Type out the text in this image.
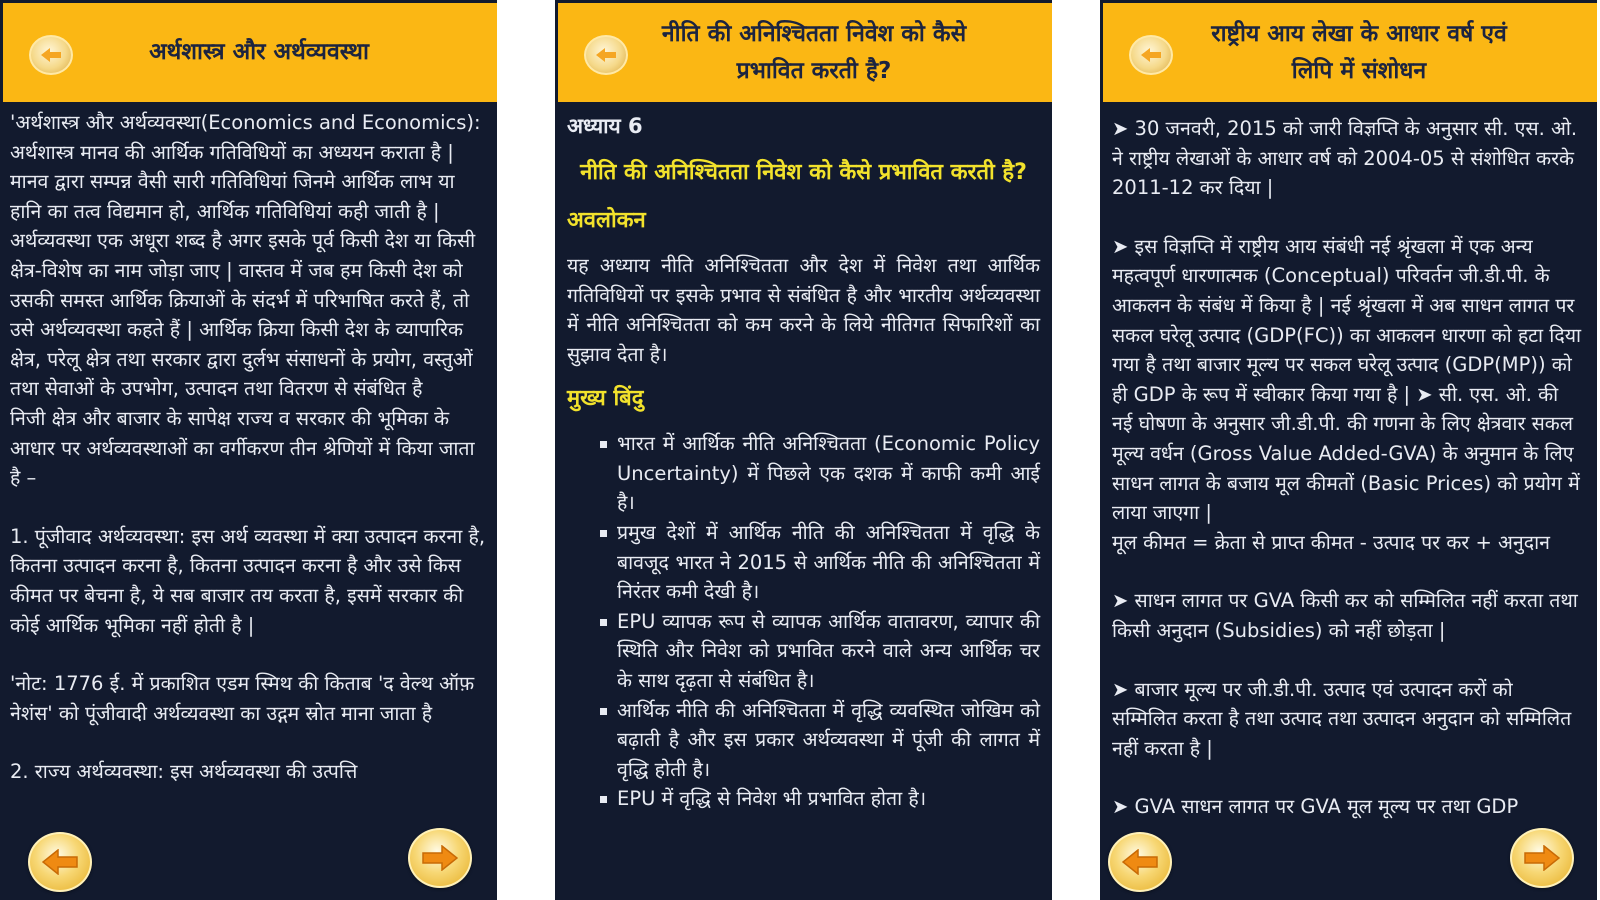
अर्थशास्त्र और अर्थव्यवस्था

'अर्थशास्त्र और अर्थव्यवस्था(Economics and Economics):

अर्थशास्त्र मानव की आर्थिक गतिविधियों का अध्ययन कराता है | मानव द्वारा सम्पन्न वैसी सारी गतिविधियां जिनमे आर्थिक लाभ या हानि का तत्व विद्यमान हो, आर्थिक गतिविधियां कही जाती है |

अर्थव्यवस्था एक अधूरा शब्द है अगर इसके पूर्व किसी देश या किसी क्षेत्र-विशेष का नाम जोड़ा जाए | वास्तव में जब हम किसी देश को उसकी समस्त आर्थिक क्रियाओं के संदर्भ में परिभाषित करते हैं, तो उसे अर्थव्यवस्था कहते हैं | आर्थिक क्रिया किसी देश के व्यापारिक क्षेत्र, परेलू क्षेत्र तथा सरकार द्वारा दुर्लभ संसाधनों के प्रयोग, वस्तुओं तथा सेवाओं के उपभोग, उत्पादन तथा वितरण से संबंधित है

निजी क्षेत्र और बाजार के सापेक्ष राज्य व सरकार की भूमिका के आधार पर अर्थव्यवस्थाओं का वर्गीकरण तीन श्रेणियों में किया जाता है –

1. पूंजीवाद अर्थव्यवस्था: इस अर्थ व्यवस्था में क्या उत्पादन करना है, कितना उत्पादन करना है, कितना उत्पादन करना है और उसे किस कीमत पर बेचना है, ये सब बाजार तय करता है, इसमें सरकार की कोई आर्थिक भूमिका नहीं होती है |

'नोट: 1776 ई. में प्रकाशित एडम स्मिथ की किताब 'द वेल्थ ऑफ़ नेशंस' को पूंजीवादी अर्थव्यवस्था का उद्गम स्रोत माना जाता है

2. राज्य अर्थव्यवस्था: इस अर्थव्यवस्था की उत्पत्ति

नीति की अनिश्चितता निवेश को कैसे
प्रभावित करती है?

अध्याय 6

नीति की अनिश्चितता निवेश को कैसे प्रभावित करती है?

अवलोकन

यह अध्याय नीति अनिश्चितता और देश में निवेश तथा आर्थिक गतिविधियों पर इसके प्रभाव से संबंधित है और भारतीय अर्थव्यवस्था में नीति अनिश्चितता को कम करने के लिये नीतिगत सिफारिशों का सुझाव देता है।

मुख्य बिंदु

भारत में आर्थिक नीति अनिश्चितता (Economic Policy Uncertainty) में पिछले एक दशक में काफी कमी आई है।
प्रमुख देशों में आर्थिक नीति की अनिश्चितता में वृद्धि के बावजूद भारत ने 2015 से आर्थिक नीति की अनिश्चितता में निरंतर कमी देखी है।
EPU व्यापक रूप से व्यापक आर्थिक वातावरण, व्यापार की स्थिति और निवेश को प्रभावित करने वाले अन्य आर्थिक चर के साथ दृढ़ता से संबंधित है।
आर्थिक नीति की अनिश्चितता में वृद्धि व्यवस्थित जोखिम को बढ़ाती है और इस प्रकार अर्थव्यवस्था में पूंजी की लागत में वृद्धि होती है।
EPU में वृद्धि से निवेश भी प्रभावित होता है।
राष्ट्रीय आय लेखा के आधार वर्ष एवं
लिपि में संशोधन

➤ 30 जनवरी, 2015 को जारी विज्ञप्ति के अनुसार सी. एस. ओ. ने राष्ट्रीय लेखाओं के आधार वर्ष को 2004-05 से संशोधित करके 2011-12 कर दिया |

➤ इस विज्ञप्ति में राष्ट्रीय आय संबंधी नई श्रृंखला में एक अन्य महत्वपूर्ण धारणात्मक (Conceptual) परिवर्तन जी.डी.पी. के आकलन के संबंध में किया है | नई श्रृंखला में अब साधन लागत पर सकल घरेलू उत्पाद (GDP(FC)) का आकलन धारणा को हटा दिया गया है तथा बाजार मूल्य पर सकल घरेलू उत्पाद (GDP(MP)) को ही GDP के रूप में स्वीकार किया गया है | ➤ सी. एस. ओ. की नई घोषणा के अनुसार जी.डी.पी. की गणना के लिए क्षेत्रवार सकल मूल्य वर्धन (Gross Value Added-GVA) के अनुमान के लिए साधन लागत के बजाय मूल कीमतों (Basic Prices) को प्रयोग में लाया जाएगा |

मूल कीमत = क्रेता से प्राप्त कीमत - उत्पाद पर कर + अनुदान

➤ साधन लागत पर GVA किसी कर को सम्मिलित नहीं करता तथा किसी अनुदान (Subsidies) को नहीं छोड़ता |

➤ बाजार मूल्य पर जी.डी.पी. उत्पाद एवं उत्पादन करों को सम्मिलित करता है तथा उत्पाद तथा उत्पादन अनुदान को सम्मिलित नहीं करता है |

➤ GVA साधन लागत पर GVA मूल मूल्य पर तथा GDP
